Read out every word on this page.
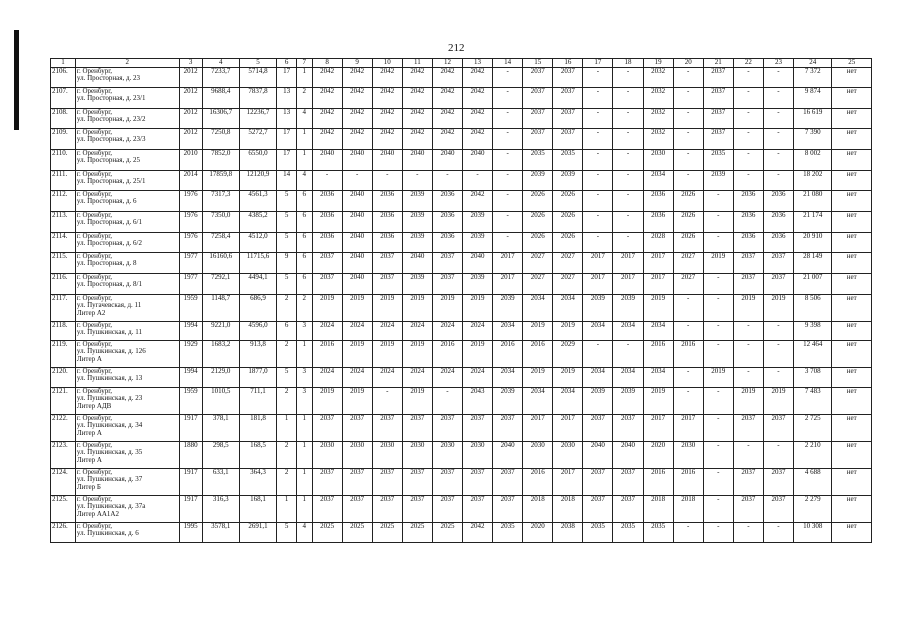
212
1	2	3	4	5	6	7	8	9	10	11	12	13	14	15	16	17	18	19	20	21	22	23	24	25
2106.	г. Оренбург,
ул. Просторная, д. 23	2012	7233,7	5714,8	17	1	2042	2042	2042	2042	2042	2042	-	2037	2037	-	-	2032	-	2037	-	-	7 372	нет
2107.	г. Оренбург,
ул. Просторная, д. 23/1	2012	9688,4	7837,8	13	2	2042	2042	2042	2042	2042	2042	-	2037	2037	-	-	2032	-	2037	-	-	9 874	нет
2108.	г. Оренбург,
ул. Просторная, д. 23/2	2012	16306,7	12236,7	13	4	2042	2042	2042	2042	2042	2042	-	2037	2037	-	-	2032	-	2037	-	-	16 619	нет
2109.	г. Оренбург,
ул. Просторная, д. 23/3	2012	7250,8	5272,7	17	1	2042	2042	2042	2042	2042	2042	-	2037	2037	-	-	2032	-	2037	-	-	7 390	нет
2110.	г. Оренбург,
ул. Просторная, д. 25	2010	7852,0	6550,0	17	1	2040	2040	2040	2040	2040	2040	-	2035	2035	-	-	2030	-	2035	-	-	8 002	нет
2111.	г. Оренбург,
ул. Просторная, д. 25/1	2014	17859,8	12120,9	14	4	-	-	-	-	-	-	-	2039	2039	-	-	2034	-	2039	-	-	18 202	нет
2112.	г. Оренбург,
ул. Просторная, д. 6	1976	7317,3	4561,3	5	6	2036	2040	2036	2039	2036	2042	-	2026	2026	-	-	2036	2026	-	2036	2036	21 080	нет
2113.	г. Оренбург,
ул. Просторная, д. 6/1	1976	7350,0	4385,2	5	6	2036	2040	2036	2039	2036	2039	-	2026	2026	-	-	2036	2026	-	2036	2036	21 174	нет
2114.	г. Оренбург,
ул. Просторная, д. 6/2	1976	7258,4	4512,0	5	6	2036	2040	2036	2039	2036	2039	-	2026	2026	-	-	2028	2026	-	2036	2036	20 910	нет
2115.	г. Оренбург,
ул. Просторная, д. 8	1977	16160,6	11715,6	9	6	2037	2040	2037	2040	2037	2040	2017	2027	2027	2017	2017	2017	2027	2019	2037	2037	28 149	нет
2116.	г. Оренбург,
ул. Просторная, д. 8/1	1977	7292,1	4494,1	5	6	2037	2040	2037	2039	2037	2039	2017	2027	2027	2017	2017	2017	2027	-	2037	2037	21 007	нет
2117.	г. Оренбург,
ул. Пугачевская, д. 11
Литер А2	1959	1148,7	686,9	2	2	2019	2019	2019	2019	2019	2019	2039	2034	2034	2039	2039	2019	-	-	2019	2019	8 506	нет
2118.	г. Оренбург,
ул. Пушкинская, д. 11	1994	9221,0	4596,0	6	3	2024	2024	2024	2024	2024	2024	2034	2019	2019	2034	2034	2034	-	-	-	-	9 398	нет
2119.	г. Оренбург,
ул. Пушкинская, д. 126
Литер А	1929	1683,2	913,8	2	1	2016	2019	2019	2019	2016	2019	2016	2016	2029	-	-	2016	2016	-	-	-	12 464	нет
2120.	г. Оренбург,
ул. Пушкинская, д. 13	1994	2129,0	1877,0	5	3	2024	2024	2024	2024	2024	2024	2034	2019	2019	2034	2034	2034	-	2019	-	-	3 708	нет
2121.	г. Оренбург,
ул. Пушкинская, д. 23
Литер АДВ	1959	1010,5	711,1	2	3	2019	2019	-	2019	-	2043	2039	2034	2034	2039	2039	2019	-	-	2019	2019	7 483	нет
2122.	г. Оренбург,
ул. Пушкинская, д. 34
Литер А	1917	378,1	181,8	1	1	2037	2037	2037	2037	2037	2037	2037	2017	2017	2037	2037	2017	2017	-	2037	2037	2 725	нет
2123.	г. Оренбург,
ул. Пушкинская, д. 35
Литер А	1880	298,5	168,5	2	1	2030	2030	2030	2030	2030	2030	2040	2030	2030	2040	2040	2020	2030	-	-	-	2 210	нет
2124.	г. Оренбург,
ул. Пушкинская, д. 37
Литер Б	1917	633,1	364,3	2	1	2037	2037	2037	2037	2037	2037	2037	2016	2017	2037	2037	2016	2016	-	2037	2037	4 688	нет
2125.	г. Оренбург,
ул. Пушкинская, д. 37а
Литер АА1А2	1917	316,3	168,1	1	1	2037	2037	2037	2037	2037	2037	2037	2018	2018	2037	2037	2018	2018	-	2037	2037	2 279	нет
2126.	г. Оренбург,
ул. Пушкинская, д. 6	1995	3578,1	2691,1	5	4	2025	2025	2025	2025	2025	2042	2035	2020	2038	2035	2035	2035	-	-	-	-	10 308	нет
